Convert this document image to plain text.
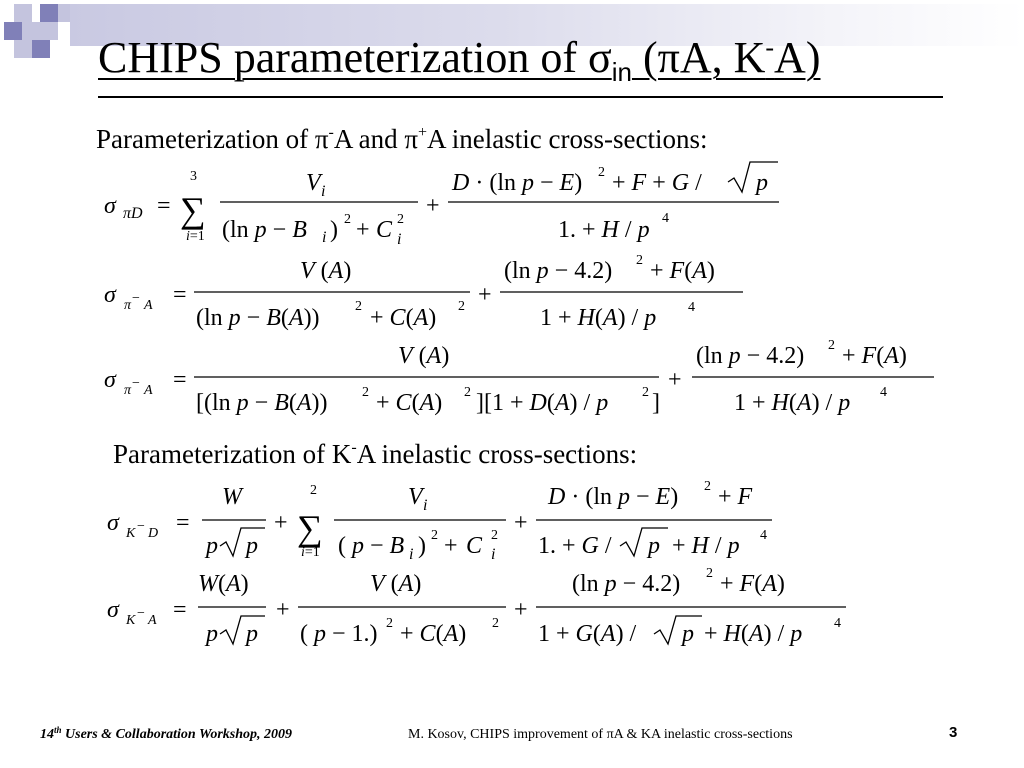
CHIPS parameterization of $\sigma_{in}$ (πA, K-A)

Parameterization of π-A and π+A inelastic cross-sections:

σ πD =
3
∑
i=1
V i
(ln p − B i ) 2 + C 2
i
+
D · (ln p − E) 2 + F + G / p
1. + H / p 4
σ π − A =
V (A)
(ln p − B(A))	2 + C(A) 2 +
(ln p − 4.2) 2 + F(A)
1 + H(A) / p 4
σ π − A =
V (A)
[(ln p − B(A)) 2 + C(A) 2 ][1 + D(A) / p 2 ]
+
(ln p − 4.2) 2 + F(A)
1 + H(A) / p 4
σ K − D =
W
p p
+
2
∑
i=1
V i
( p − B i ) 2 + C 2
i
+
D · (ln p − E) 2 + F
1. + G / p + H / p 4
σ K − A =
W(A)
p p
+
V (A)
( p − 1.) 2 + C(A) 2
+
(ln p − 4.2) 2 + F(A)
1 + G(A) / p + H(A) / p 4

Parameterization of K-A inelastic cross-sections:

14th Users & Collaboration Workshop, 2009	M. Kosov, CHIPS improvement of πA & KA inelastic cross-sections	3
